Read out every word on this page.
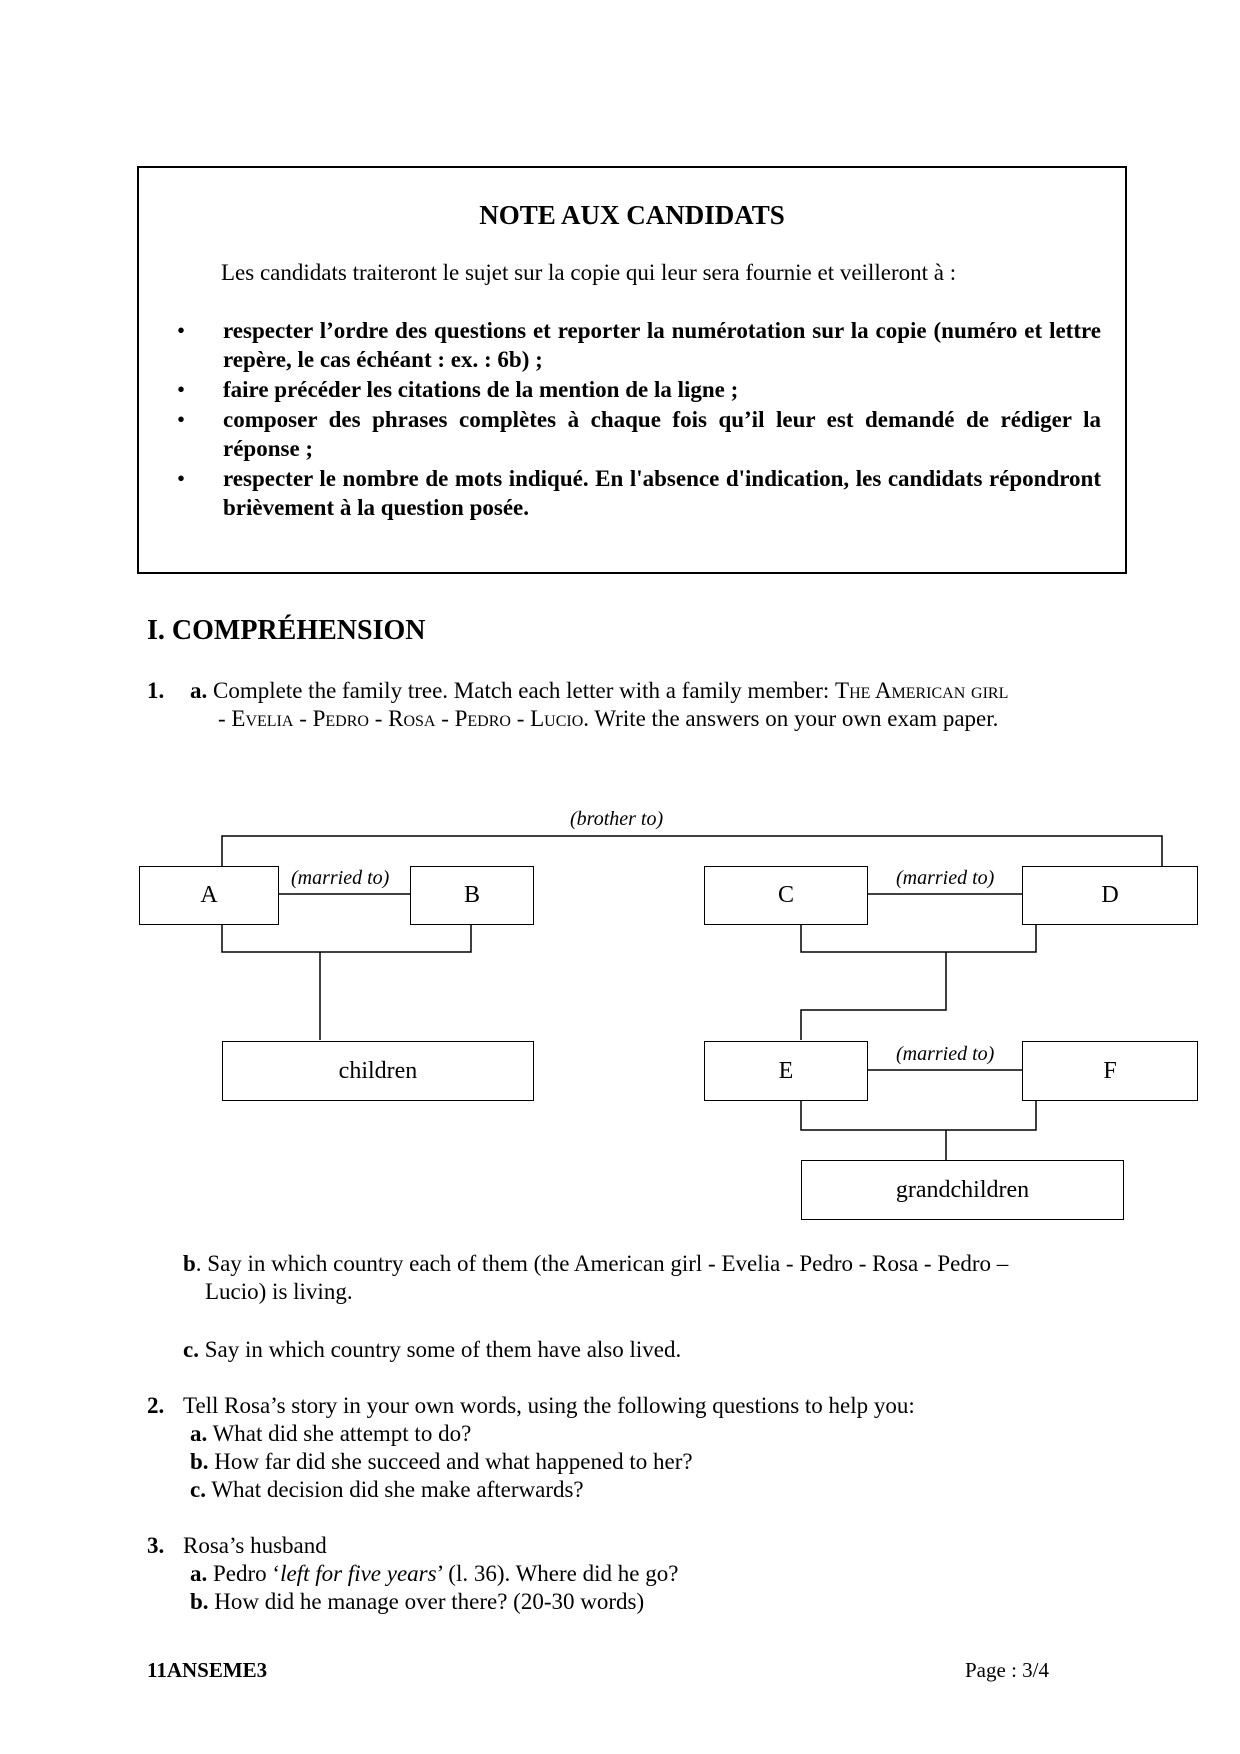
NOTE AUX CANDIDATS
Les candidats traiteront le sujet sur la copie qui leur sera fournie et veilleront à :
• respecter l’ordre des questions et reporter la numérotation sur la copie (numéro et lettre repère, le cas échéant : ex. : 6b) ;
• faire précéder les citations de la mention de la ligne ;
• composer des phrases complètes à chaque fois qu’il leur est demandé de rédiger la réponse ;
• respecter le nombre de mots indiqué. En l'absence d'indication, les candidats répondront brièvement à la question posée.
I. COMPRÉHENSION
1. a. Complete the family tree. Match each letter with a family member: The American girl
- Evelia - Pedro - Rosa - Pedro - Lucio. Write the answers on your own exam paper.
(brother to)
(married to)	(married to)
(married to)
A	B	C	D
children	E	F
grandchildren
b. Say in which country each of them (the American girl - Evelia - Pedro - Rosa - Pedro –
Lucio) is living.
c. Say in which country some of them have also lived.
2. Tell Rosa’s story in your own words, using the following questions to help you:
a. What did she attempt to do?
b. How far did she succeed and what happened to her?
c. What decision did she make afterwards?
3. Rosa’s husband
a. Pedro ‘left for five years’ (l. 36). Where did he go?
b. How did he manage over there? (20-30 words)
11ANSEME3	Page : 3/4
